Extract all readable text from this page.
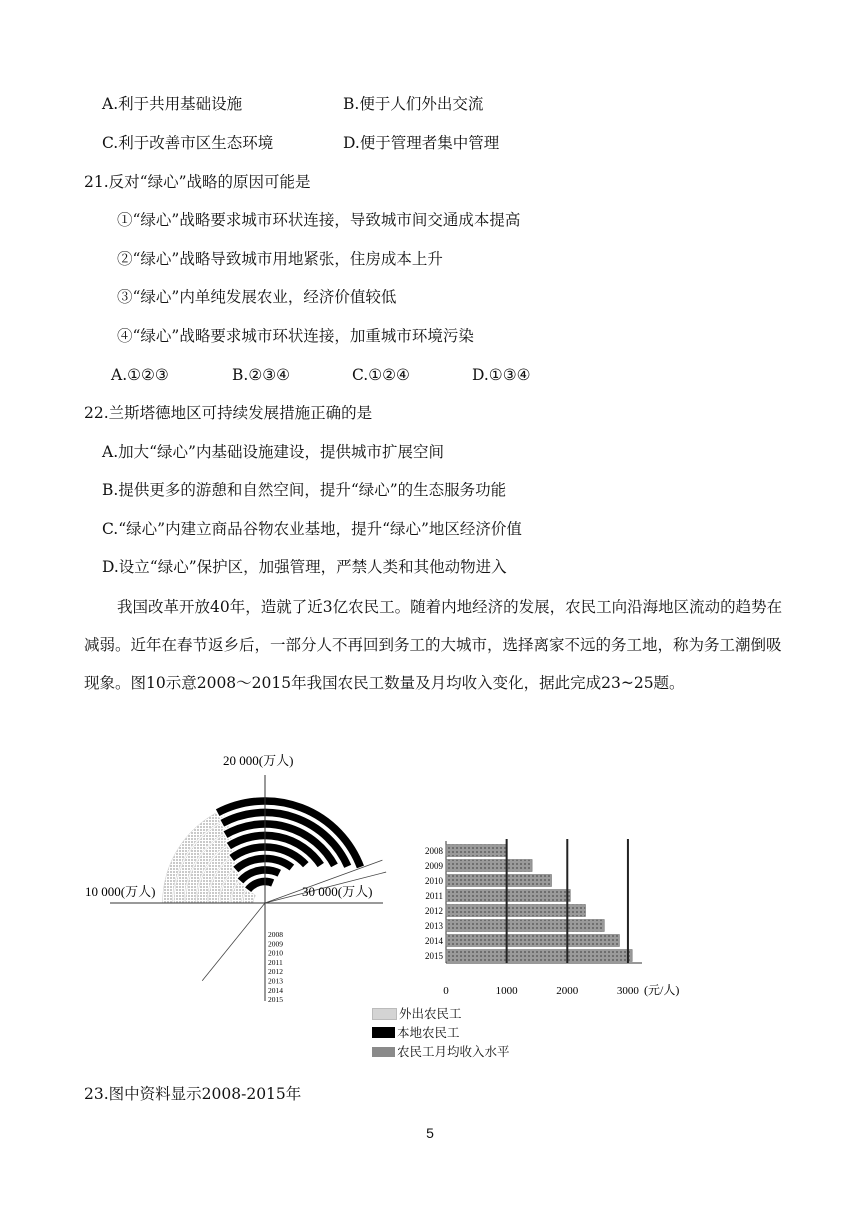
A.利于共用基础设施	B.便于人们外出交流
C.利于改善市区生态环境	D.便于管理者集中管理
21.反对“绿心”战略的原因可能是
①“绿心”战略要求城市环状连接，导致城市间交通成本提高
②“绿心”战略导致城市用地紧张，住房成本上升
③“绿心”内单纯发展农业，经济价值较低
④“绿心”战略要求城市环状连接，加重城市环境污染
A.①②③	B.②③④	C.①②④	D.①③④
22.兰斯塔德地区可持续发展措施正确的是
A.加大“绿心”内基础设施建设，提供城市扩展空间
B.提供更多的游憩和自然空间，提升“绿心”的生态服务功能
C.“绿心”内建立商品谷物农业基地，提升“绿心”地区经济价值
D.设立“绿心”保护区，加强管理，严禁人类和其他动物进入
我国改革开放40年，造就了近3亿农民工。随着内地经济的发展，农民工向沿海地区流动的趋势在减弱。近年在春节返乡后，一部分人不再回到务工的大城市，选择离家不远的务工地，称为务工潮倒吸现象。图10示意2008～2015年我国农民工数量及月均收入变化，据此完成23~25题。
20 000(万人)
10 000(万人)	30 000(万人)
2008
2009
2010
2011
2012
2013
2014
2015
2008
2009
2010
2011
2012
2013
2014
2015
0	1000	2000	3000 (元/人)
外出农民工
本地农民工
农民工月均收入水平
23.图中资料显示2008-2015年
5
